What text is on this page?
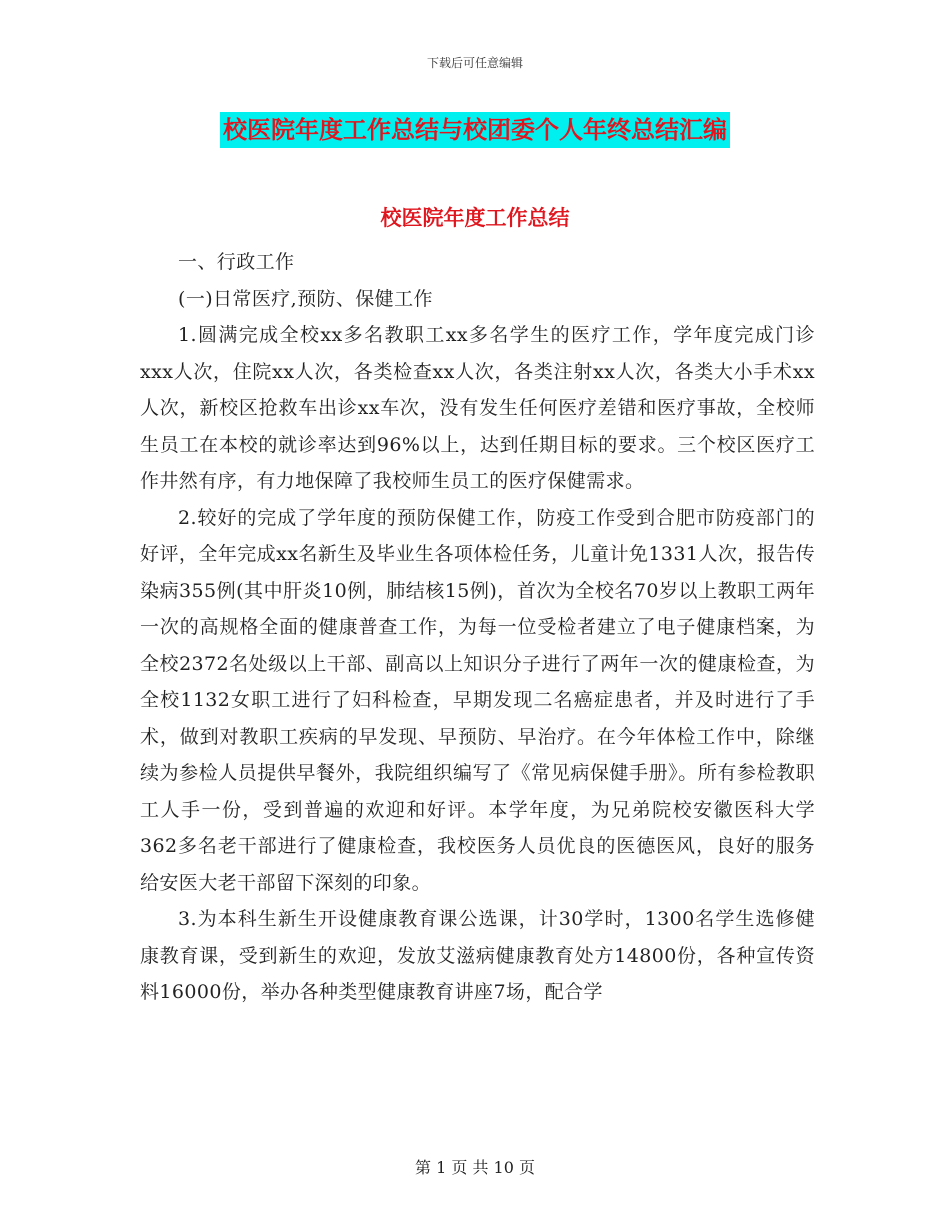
下载后可任意编辑
校医院年度工作总结与校团委个人年终总结汇编
校医院年度工作总结
一、行政工作
(一)日常医疗,预防、保健工作

1.圆满完成全校xx多名教职工xx多名学生的医疗工作，学年度完成门诊xxx人次，住院xx人次，各类检查xx人次，各类注射xx人次，各类大小手术xx人次，新校区抢救车出诊xx车次，没有发生任何医疗差错和医疗事故，全校师生员工在本校的就诊率达到96%以上，达到任期目标的要求。三个校区医疗工作井然有序，有力地保障了我校师生员工的医疗保健需求。

2.较好的完成了学年度的预防保健工作，防疫工作受到合肥市防疫部门的好评，全年完成xx名新生及毕业生各项体检任务，儿童计免1331人次，报告传染病355例(其中肝炎10例，肺结核15例)，首次为全校名70岁以上教职工两年一次的高规格全面的健康普查工作，为每一位受检者建立了电子健康档案，为全校2372名处级以上干部、副高以上知识分子进行了两年一次的健康检查，为全校1132女职工进行了妇科检查，早期发现二名癌症患者，并及时进行了手术，做到对教职工疾病的早发现、早预防、早治疗。在今年体检工作中，除继续为参检人员提供早餐外，我院组织编写了《常见病保健手册》。所有参检教职工人手一份，受到普遍的欢迎和好评。本学年度，为兄弟院校安徽医科大学362多名老干部进行了健康检查，我校医务人员优良的医德医风，良好的服务给安医大老干部留下深刻的印象。

3.为本科生新生开设健康教育课公选课，计30学时，1300名学生选修健康教育课，受到新生的欢迎，发放艾滋病健康教育处方14800份，各种宣传资料16000份，举办各种类型健康教育讲座7场，配合学

第 1 页 共 10 页
